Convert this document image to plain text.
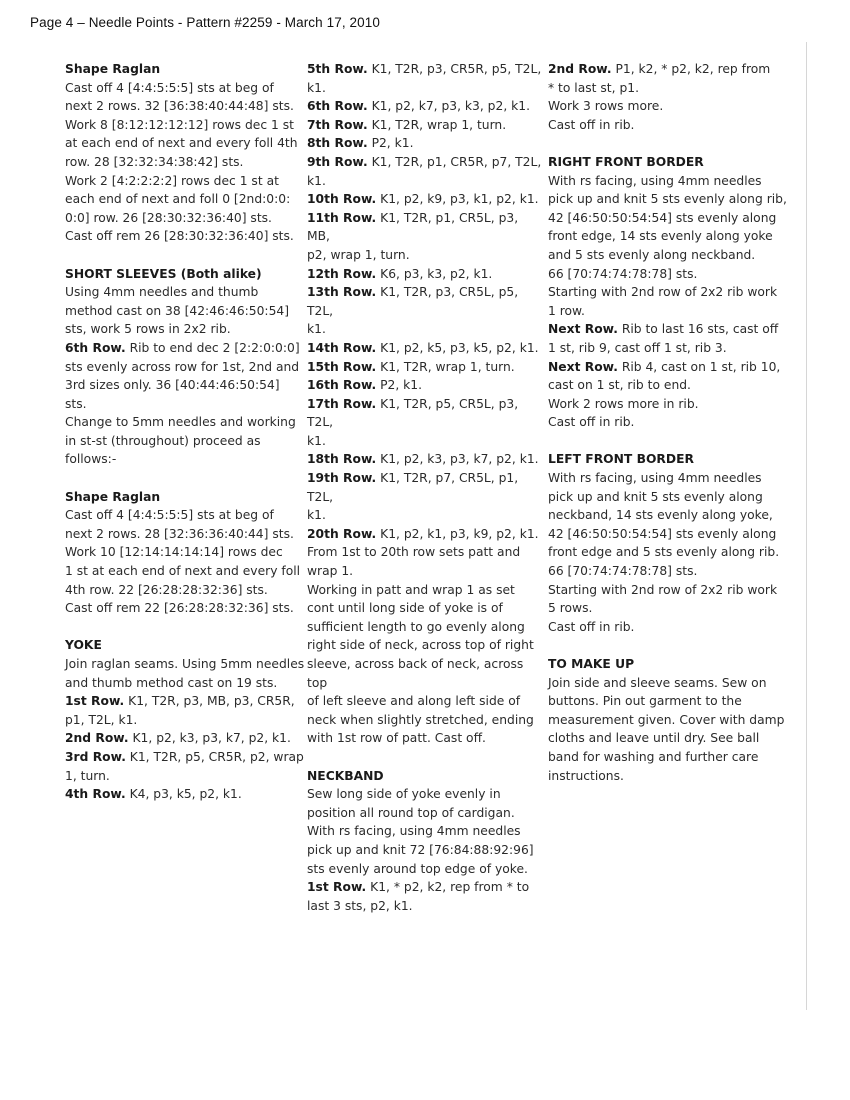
Page 4 – Needle Points - Pattern #2259 - March 17, 2010
Shape Raglan
Cast off 4 [4:4:5:5:5] sts at beg of
next 2 rows. 32 [36:38:40:44:48] sts.
Work 8 [8:12:12:12:12] rows dec 1 st
at each end of next and every foll 4th
row. 28 [32:32:34:38:42] sts.
Work 2 [4:2:2:2:2] rows dec 1 st at
each end of next and foll 0 [2nd:0:0:
0:0] row. 26 [28:30:32:36:40] sts.
Cast off rem 26 [28:30:32:36:40] sts.
SHORT SLEEVES (Both alike)
Using 4mm needles and thumb
method cast on 38 [42:46:46:50:54]
sts, work 5 rows in 2x2 rib.
6th Row. Rib to end dec 2 [2:2:0:0:0]
sts evenly across row for 1st, 2nd and
3rd sizes only. 36 [40:44:46:50:54] sts.
Change to 5mm needles and working
in st-st (throughout) proceed as
follows:-
Shape Raglan
Cast off 4 [4:4:5:5:5] sts at beg of
next 2 rows. 28 [32:36:36:40:44] sts.
Work 10 [12:14:14:14:14] rows dec
1 st at each end of next and every foll
4th row. 22 [26:28:28:32:36] sts.
Cast off rem 22 [26:28:28:32:36] sts.
YOKE
Join raglan seams. Using 5mm needles
and thumb method cast on 19 sts.
1st Row. K1, T2R, p3, MB, p3, CR5R,
p1, T2L, k1.
2nd Row. K1, p2, k3, p3, k7, p2, k1.
3rd Row. K1, T2R, p5, CR5R, p2, wrap
1, turn.
4th Row. K4, p3, k5, p2, k1.
5th Row. K1, T2R, p3, CR5R, p5, T2L,
k1.
6th Row. K1, p2, k7, p3, k3, p2, k1.
7th Row. K1, T2R, wrap 1, turn.
8th Row. P2, k1.
9th Row. K1, T2R, p1, CR5R, p7, T2L,
k1.
10th Row. K1, p2, k9, p3, k1, p2, k1.
11th Row. K1, T2R, p1, CR5L, p3, MB,
p2, wrap 1, turn.
12th Row. K6, p3, k3, p2, k1.
13th Row. K1, T2R, p3, CR5L, p5, T2L,
k1.
14th Row. K1, p2, k5, p3, k5, p2, k1.
15th Row. K1, T2R, wrap 1, turn.
16th Row. P2, k1.
17th Row. K1, T2R, p5, CR5L, p3, T2L,
k1.
18th Row. K1, p2, k3, p3, k7, p2, k1.
19th Row. K1, T2R, p7, CR5L, p1, T2L,
k1.
20th Row. K1, p2, k1, p3, k9, p2, k1.
From 1st to 20th row sets patt and
wrap 1.
Working in patt and wrap 1 as set
cont until long side of yoke is of
sufficient length to go evenly along
right side of neck, across top of right
sleeve, across back of neck, across top
of left sleeve and along left side of
neck when slightly stretched, ending
with 1st row of patt. Cast off.
NECKBAND
Sew long side of yoke evenly in
position all round top of cardigan.
With rs facing, using 4mm needles
pick up and knit 72 [76:84:88:92:96]
sts evenly around top edge of yoke.
1st Row. K1, * p2, k2, rep from * to
last 3 sts, p2, k1.
2nd Row. P1, k2, * p2, k2, rep from
* to last st, p1.
Work 3 rows more.
Cast off in rib.
RIGHT FRONT BORDER
With rs facing, using 4mm needles
pick up and knit 5 sts evenly along rib,
42 [46:50:50:54:54] sts evenly along
front edge, 14 sts evenly along yoke
and 5 sts evenly along neckband.
66 [70:74:74:78:78] sts.
Starting with 2nd row of 2x2 rib work
1 row.
Next Row. Rib to last 16 sts, cast off
1 st, rib 9, cast off 1 st, rib 3.
Next Row. Rib 4, cast on 1 st, rib 10,
cast on 1 st, rib to end.
Work 2 rows more in rib.
Cast off in rib.
LEFT FRONT BORDER
With rs facing, using 4mm needles
pick up and knit 5 sts evenly along
neckband, 14 sts evenly along yoke,
42 [46:50:50:54:54] sts evenly along
front edge and 5 sts evenly along rib.
66 [70:74:74:78:78] sts.
Starting with 2nd row of 2x2 rib work
5 rows.
Cast off in rib.
TO MAKE UP
Join side and sleeve seams. Sew on
buttons. Pin out garment to the
measurement given. Cover with damp
cloths and leave until dry. See ball
band for washing and further care
instructions.
